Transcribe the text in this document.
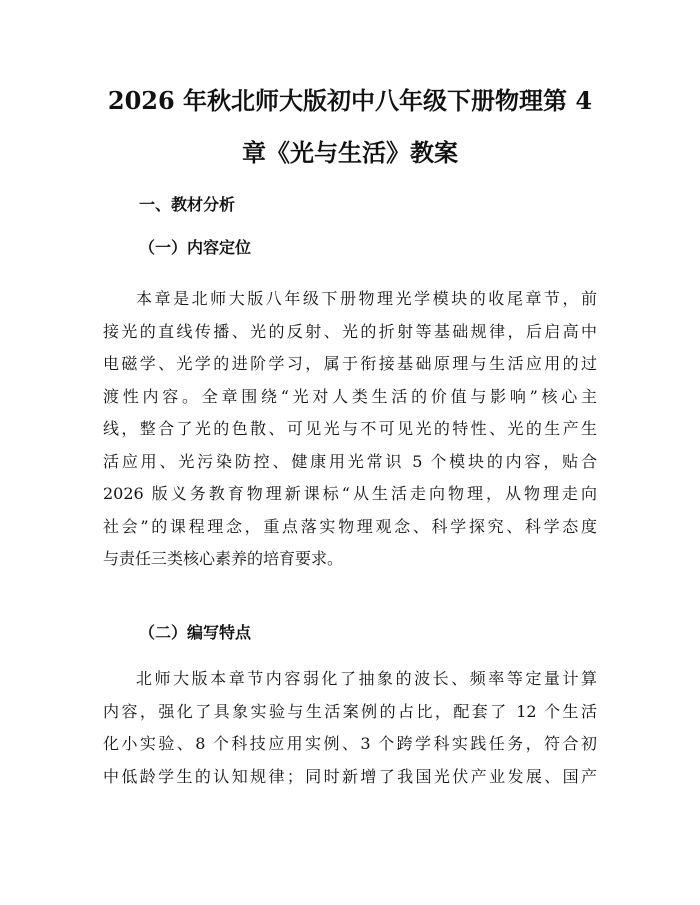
2026 年秋北师大版初中八年级下册物理第 4
章《光与生活》教案
一、教材分析
（一）内容定位

本章是北师大版八年级下册物理光学模块的收尾章节，前
接光的直线传播、光的反射、光的折射等基础规律，后启高中
电磁学、光学的进阶学习，属于衔接基础原理与生活应用的过
渡性内容。全章围绕“光对人类生活的价值与影响”核心主
线，整合了光的色散、可见光与不可见光的特性、光的生产生
活应用、光污染防控、健康用光常识 5 个模块的内容，贴合
2026 版义务教育物理新课标“从生活走向物理，从物理走向
社会”的课程理念，重点落实物理观念、科学探究、科学态度
与责任三类核心素养的培育要求。

（二）编写特点

北师大版本章节内容弱化了抽象的波长、频率等定量计算
内容，强化了具象实验与生活案例的占比，配套了 12 个生活
化小实验、8 个科技应用实例、3 个跨学科实践任务，符合初
中低龄学生的认知规律；同时新增了我国光伏产业发展、国产
